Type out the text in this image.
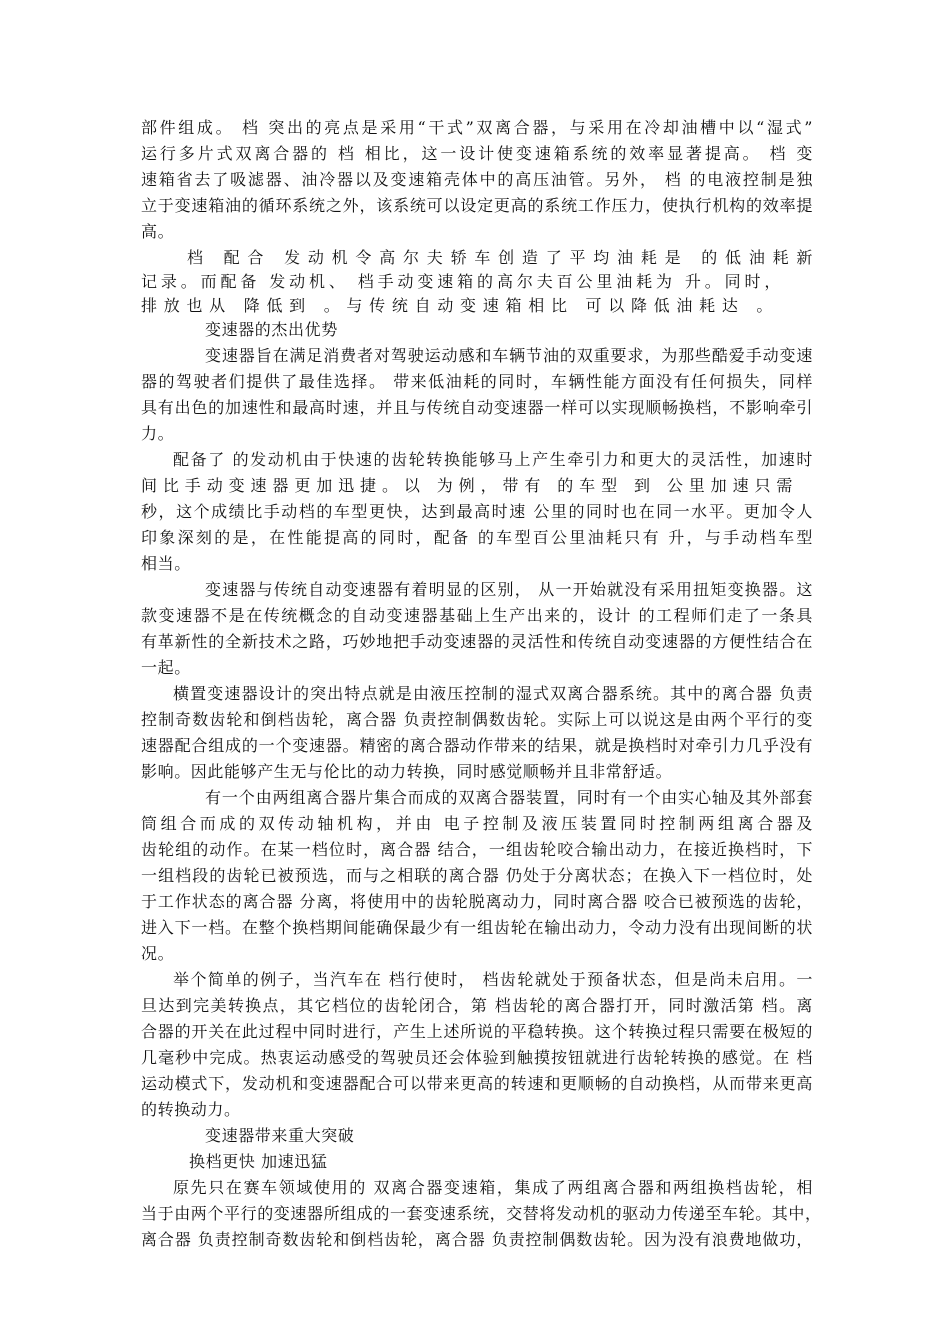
部件组成。 档 突出的亮点是采用“干式”双离合器，与采用在冷却油槽中以“湿式”
运行多片式双离合器的 档 相比，这一设计使变速箱系统的效率显著提高。 档 变
速箱省去了吸滤器、油冷器以及变速箱壳体中的高压油管。另外， 档 的电液控制是独
立于变速箱油的循环系统之外，该系统可以设定更高的系统工作压力，使执行机构的效率提
高。
档 配合 发动机令高尔夫轿车创造了平均油耗是 的低油耗新
记录。而配备 发动机、 档手动变速箱的高尔夫百公里油耗为 升。同时，
排放也从 降低到 。与传统自动变速箱相比 可以降低油耗达 。
变速器的杰出优势
变速器旨在满足消费者对驾驶运动感和车辆节油的双重要求，为那些酷爱手动变速
器的驾驶者们提供了最佳选择。 带来低油耗的同时，车辆性能方面没有任何损失，同样
具有出色的加速性和最高时速，并且与传统自动变速器一样可以实现顺畅换档，不影响牵引
力。
配备了 的发动机由于快速的齿轮转换能够马上产生牵引力和更大的灵活性，加速时
间比手动变速器更加迅捷。以 为例，带有 的车型 到 公里加速只需
秒，这个成绩比手动档的车型更快，达到最高时速 公里的同时也在同一水平。更加令人
印象深刻的是，在性能提高的同时，配备 的车型百公里油耗只有 升，与手动档车型
相当。
变速器与传统自动变速器有着明显的区别， 从一开始就没有采用扭矩变换器。这
款变速器不是在传统概念的自动变速器基础上生产出来的，设计 的工程师们走了一条具
有革新性的全新技术之路，巧妙地把手动变速器的灵活性和传统自动变速器的方便性结合在
一起。
横置变速器设计的突出特点就是由液压控制的湿式双离合器系统。其中的离合器 负责
控制奇数齿轮和倒档齿轮，离合器 负责控制偶数齿轮。实际上可以说这是由两个平行的变
速器配合组成的一个变速器。精密的离合器动作带来的结果，就是换档时对牵引力几乎没有
影响。因此能够产生无与伦比的动力转换，同时感觉顺畅并且非常舒适。
有一个由两组离合器片集合而成的双离合器装置，同时有一个由实心轴及其外部套
筒组合而成的双传动轴机构，并由 电子控制及液压装置同时控制两组离合器及
齿轮组的动作。在某一档位时，离合器 结合，一组齿轮咬合输出动力，在接近换档时，下
一组档段的齿轮已被预选，而与之相联的离合器 仍处于分离状态；在换入下一档位时，处
于工作状态的离合器 分离，将使用中的齿轮脱离动力，同时离合器 咬合已被预选的齿轮，
进入下一档。在整个换档期间能确保最少有一组齿轮在输出动力，令动力没有出现间断的状
况。
举个简单的例子，当汽车在 档行使时， 档齿轮就处于预备状态，但是尚未启用。一
旦达到完美转换点，其它档位的齿轮闭合，第 档齿轮的离合器打开，同时激活第 档。离
合器的开关在此过程中同时进行，产生上述所说的平稳转换。这个转换过程只需要在极短的
几毫秒中完成。热衷运动感受的驾驶员还会体验到触摸按钮就进行齿轮转换的感觉。在 档
运动模式下，发动机和变速器配合可以带来更高的转速和更顺畅的自动换档，从而带来更高
的转换动力。
变速器带来重大突破
换档更快 加速迅猛
原先只在赛车领域使用的 双离合器变速箱，集成了两组离合器和两组换档齿轮，相
当于由两个平行的变速器所组成的一套变速系统，交替将发动机的驱动力传递至车轮。其中，
离合器 负责控制奇数齿轮和倒档齿轮，离合器 负责控制偶数齿轮。因为没有浪费地做功，
